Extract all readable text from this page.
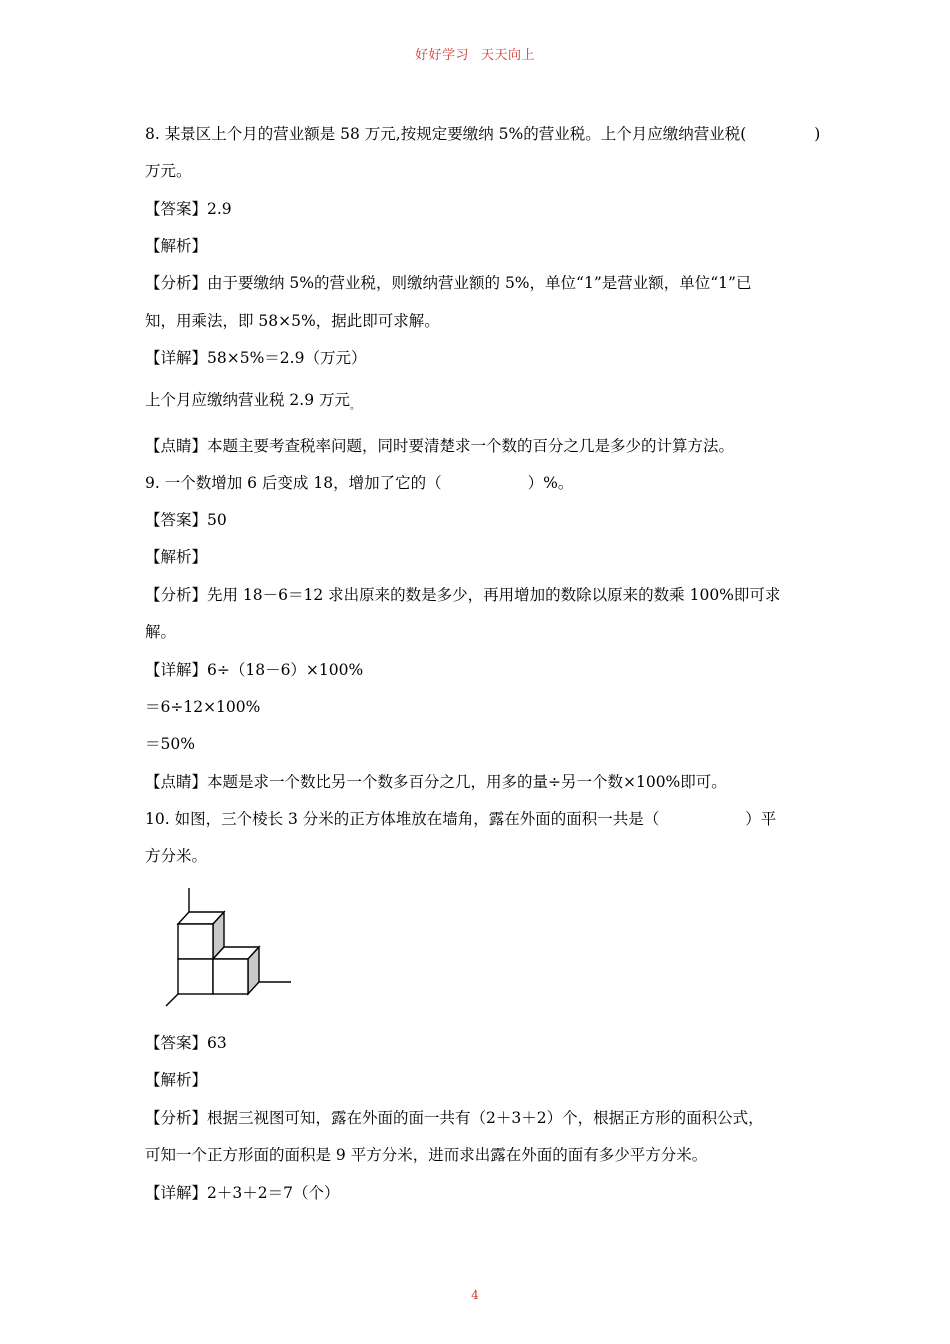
好好学习 天天向上
8. 某景区上个月的营业额是 58 万元,按规定要缴纳 5%的营业税。上个月应缴纳营业税(	)
万元。
【答案】2.9
【解析】
【分析】由于要缴纳 5%的营业税，则缴纳营业额的 5%，单位“1”是营业额，单位“1”已
知，用乘法，即 58×5%，据此即可求解。
【详解】58×5%＝2.9（万元）
上个月应缴纳营业税 2.9 万元$_。$
【点睛】本题主要考查税率问题，同时要清楚求一个数的百分之几是多少的计算方法。
9. 一个数增加 6 后变成 18，增加了它的（	）%。
【答案】50
【解析】
【分析】先用 18－6＝12 求出原来的数是多少，再用增加的数除以原来的数乘 100%即可求
解。
【详解】6÷（18－6）×100%
＝6÷12×100%
＝50%
【点睛】本题是求一个数比另一个数多百分之几，用多的量÷另一个数×100%即可。
10. 如图，三个棱长 3 分米的正方体堆放在墙角，露在外面的面积一共是（	）平
方分米。
【答案】63
【解析】
【分析】根据三视图可知，露在外面的面一共有（2＋3＋2）个，根据正方形的面积公式，
可知一个正方形面的面积是 9 平方分米，进而求出露在外面的面有多少平方分米。
【详解】2＋3＋2＝7（个）
4
